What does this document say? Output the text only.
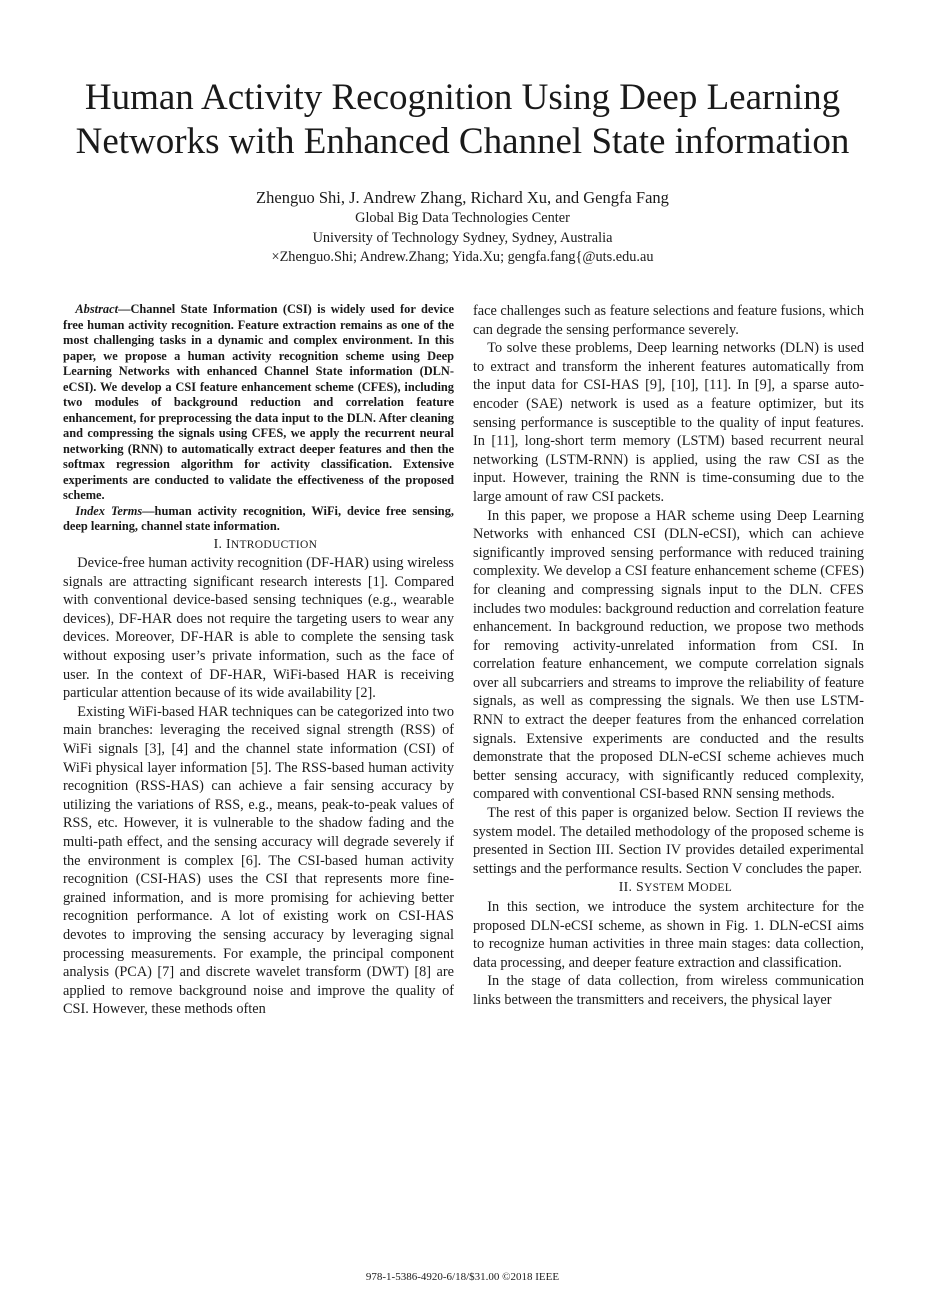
Human Activity Recognition Using Deep Learning Networks with Enhanced Channel State information
Zhenguo Shi, J. Andrew Zhang, Richard Xu, and Gengfa Fang
Global Big Data Technologies Center
University of Technology Sydney, Sydney, Australia
×Zhenguo.Shi; Andrew.Zhang; Yida.Xu; gengfa.fang{@uts.edu.au

Abstract—Channel State Information (CSI) is widely used for device free human activity recognition. Feature extraction remains as one of the most challenging tasks in a dynamic and complex environment. In this paper, we propose a human activity recognition scheme using Deep Learning Networks with enhanced Channel State information (DLN-eCSI). We develop a CSI feature enhancement scheme (CFES), including two modules of background reduction and correlation feature enhancement, for preprocessing the data input to the DLN. After cleaning and compressing the signals using CFES, we apply the recurrent neural networking (RNN) to automatically extract deeper features and then the softmax regression algorithm for activity classification. Extensive experiments are conducted to validate the effectiveness of the proposed scheme.

Index Terms—human activity recognition, WiFi, device free sensing, deep learning, channel state information.

I. INTRODUCTION

Device-free human activity recognition (DF-HAR) using wireless signals are attracting significant research interests [1]. Compared with conventional device-based sensing techniques (e.g., wearable devices), DF-HAR does not require the targeting users to wear any devices. Moreover, DF-HAR is able to complete the sensing task without exposing user’s private information, such as the face of user. In the context of DF-HAR, WiFi-based HAR is receiving particular attention because of its wide availability [2].

Existing WiFi-based HAR techniques can be categorized into two main branches: leveraging the received signal strength (RSS) of WiFi signals [3], [4] and the channel state information (CSI) of WiFi physical layer information [5]. The RSS-based human activity recognition (RSS-HAS) can achieve a fair sensing accuracy by utilizing the variations of RSS, e.g., means, peak-to-peak values of RSS, etc. However, it is vulnerable to the shadow fading and the multi-path effect, and the sensing accuracy will degrade severely if the environment is complex [6]. The CSI-based human activity recognition (CSI-HAS) uses the CSI that represents more fine-grained information, and is more promising for achieving better recognition performance. A lot of existing work on CSI-HAS devotes to improving the sensing accuracy by leveraging signal processing measurements. For example, the principal component analysis (PCA) [7] and discrete wavelet transform (DWT) [8] are applied to remove background noise and improve the quality of CSI. However, these methods often

face challenges such as feature selections and feature fusions, which can degrade the sensing performance severely.

To solve these problems, Deep learning networks (DLN) is used to extract and transform the inherent features automatically from the input data for CSI-HAS [9], [10], [11]. In [9], a sparse auto-encoder (SAE) network is used as a feature optimizer, but its sensing performance is susceptible to the quality of input features. In [11], long-short term memory (LSTM) based recurrent neural networking (LSTM-RNN) is applied, using the raw CSI as the input. However, training the RNN is time-consuming due to the large amount of raw CSI packets.

In this paper, we propose a HAR scheme using Deep Learning Networks with enhanced CSI (DLN-eCSI), which can achieve significantly improved sensing performance with reduced training complexity. We develop a CSI feature enhancement scheme (CFES) for cleaning and compressing signals input to the DLN. CFES includes two modules: background reduction and correlation feature enhancement. In background reduction, we propose two methods for removing activity-unrelated information from CSI. In correlation feature enhancement, we compute correlation signals over all subcarriers and streams to improve the reliability of feature signals, as well as compressing the signals. We then use LSTM-RNN to extract the deeper features from the enhanced correlation signals. Extensive experiments are conducted and the results demonstrate that the proposed DLN-eCSI scheme achieves much better sensing accuracy, with significantly reduced complexity, compared with conventional CSI-based RNN sensing methods.

The rest of this paper is organized below. Section II reviews the system model. The detailed methodology of the proposed scheme is presented in Section III. Section IV provides detailed experimental settings and the performance results. Section V concludes the paper.

II. SYSTEM MODEL

In this section, we introduce the system architecture for the proposed DLN-eCSI scheme, as shown in Fig. 1. DLN-eCSI aims to recognize human activities in three main stages: data collection, data processing, and deeper feature extraction and classification.

In the stage of data collection, from wireless communication links between the transmitters and receivers, the physical layer

978-1-5386-4920-6/18/$31.00 ©2018 IEEE
